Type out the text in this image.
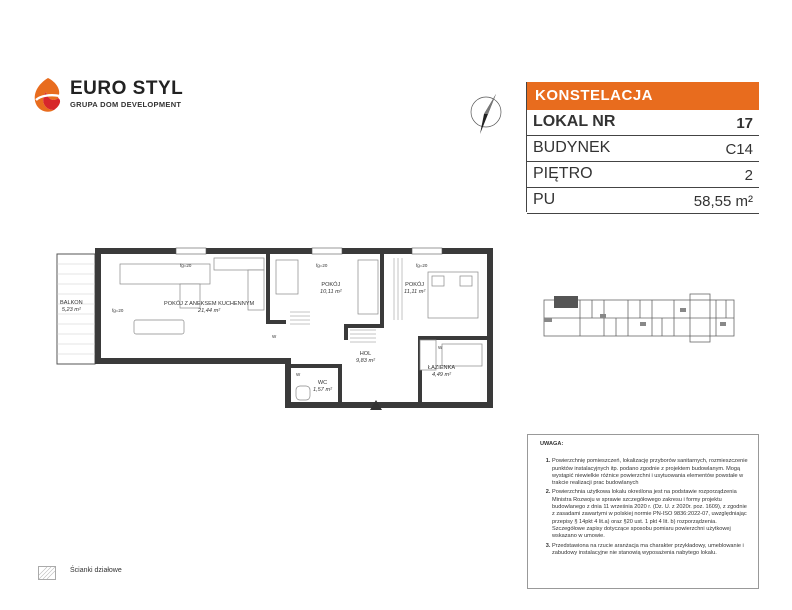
EURO STYL
GRUPA DOM DEVELOPMENT
KONSTELACJA
LOKAL NR	17
BUDYNEK	C14
PIĘTRO	2
PU	58,55 m²
BALKON
5,23 m²
POKÓJ Z ANEKSEM KUCHENNYM
21,44 m²
POKÓJ
10,11 m²
POKÓJ
11,11 m²
HOL
9,83 m²
WC
1,57 m²
ŁAZIENKA
4,49 m²
fg=20	fg=20	fg=20
fg=20
W
W
W
UWAGA:
1. Powierzchnię pomieszczeń, lokalizację przyborów sanitarnych, rozmieszczenie punktów instalacyjnych itp. podano zgodnie z projektem budowlanym. Mogą wystąpić niewielkie różnice powierzchni i usytuowania elementów powstałe w trakcie realizacji prac budowlanych
2. Powierzchnia użytkowa lokalu określona jest na podstawie rozporządzenia Ministra Rozwoju w sprawie szczegółowego zakresu i formy projektu budowlanego z dnia 11 września 2020 r. (Dz. U. z 2020r. poz. 1609), z zgodnie z zasadami zawartymi w polskiej normie PN-ISO 9836:2022-07, uwzględniając przepisy § 14pkt 4 lit.a) oraz §20 ust. 1 pkt 4 lit. b) rozporządzenia. Szczegółowe zapisy dotyczące sposobu pomiaru powierzchni użytkowej wskazano w umowie.
3. Przedstawiona na rzucie aranżacja ma charakter przykładowy, umeblowanie i zabudowy instalacyjne nie stanowią wyposażenia nabytego lokalu.
Ścianki działowe
